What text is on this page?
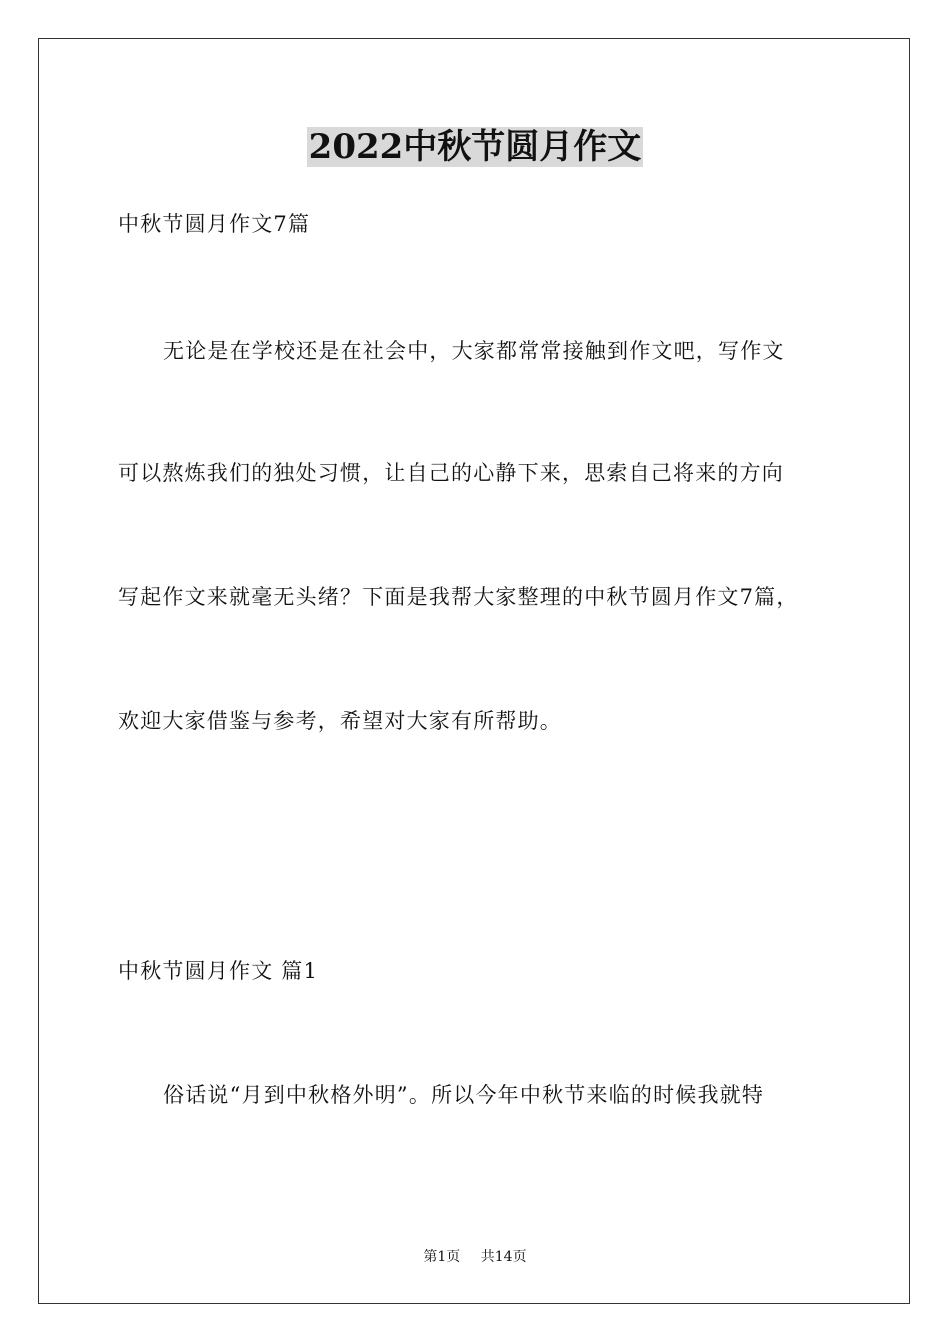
2022中秋节圆月作文
中秋节圆月作文7篇
无论是在学校还是在社会中，大家都常常接触到作文吧，写作文
可以熬炼我们的独处习惯，让自己的心静下来，思索自己将来的方向
写起作文来就毫无头绪？下面是我帮大家整理的中秋节圆月作文7篇，
欢迎大家借鉴与参考，希望对大家有所帮助。
中秋节圆月作文 篇1
俗话说“月到中秋格外明”。所以今年中秋节来临的时候我就特
第1页 共14页
